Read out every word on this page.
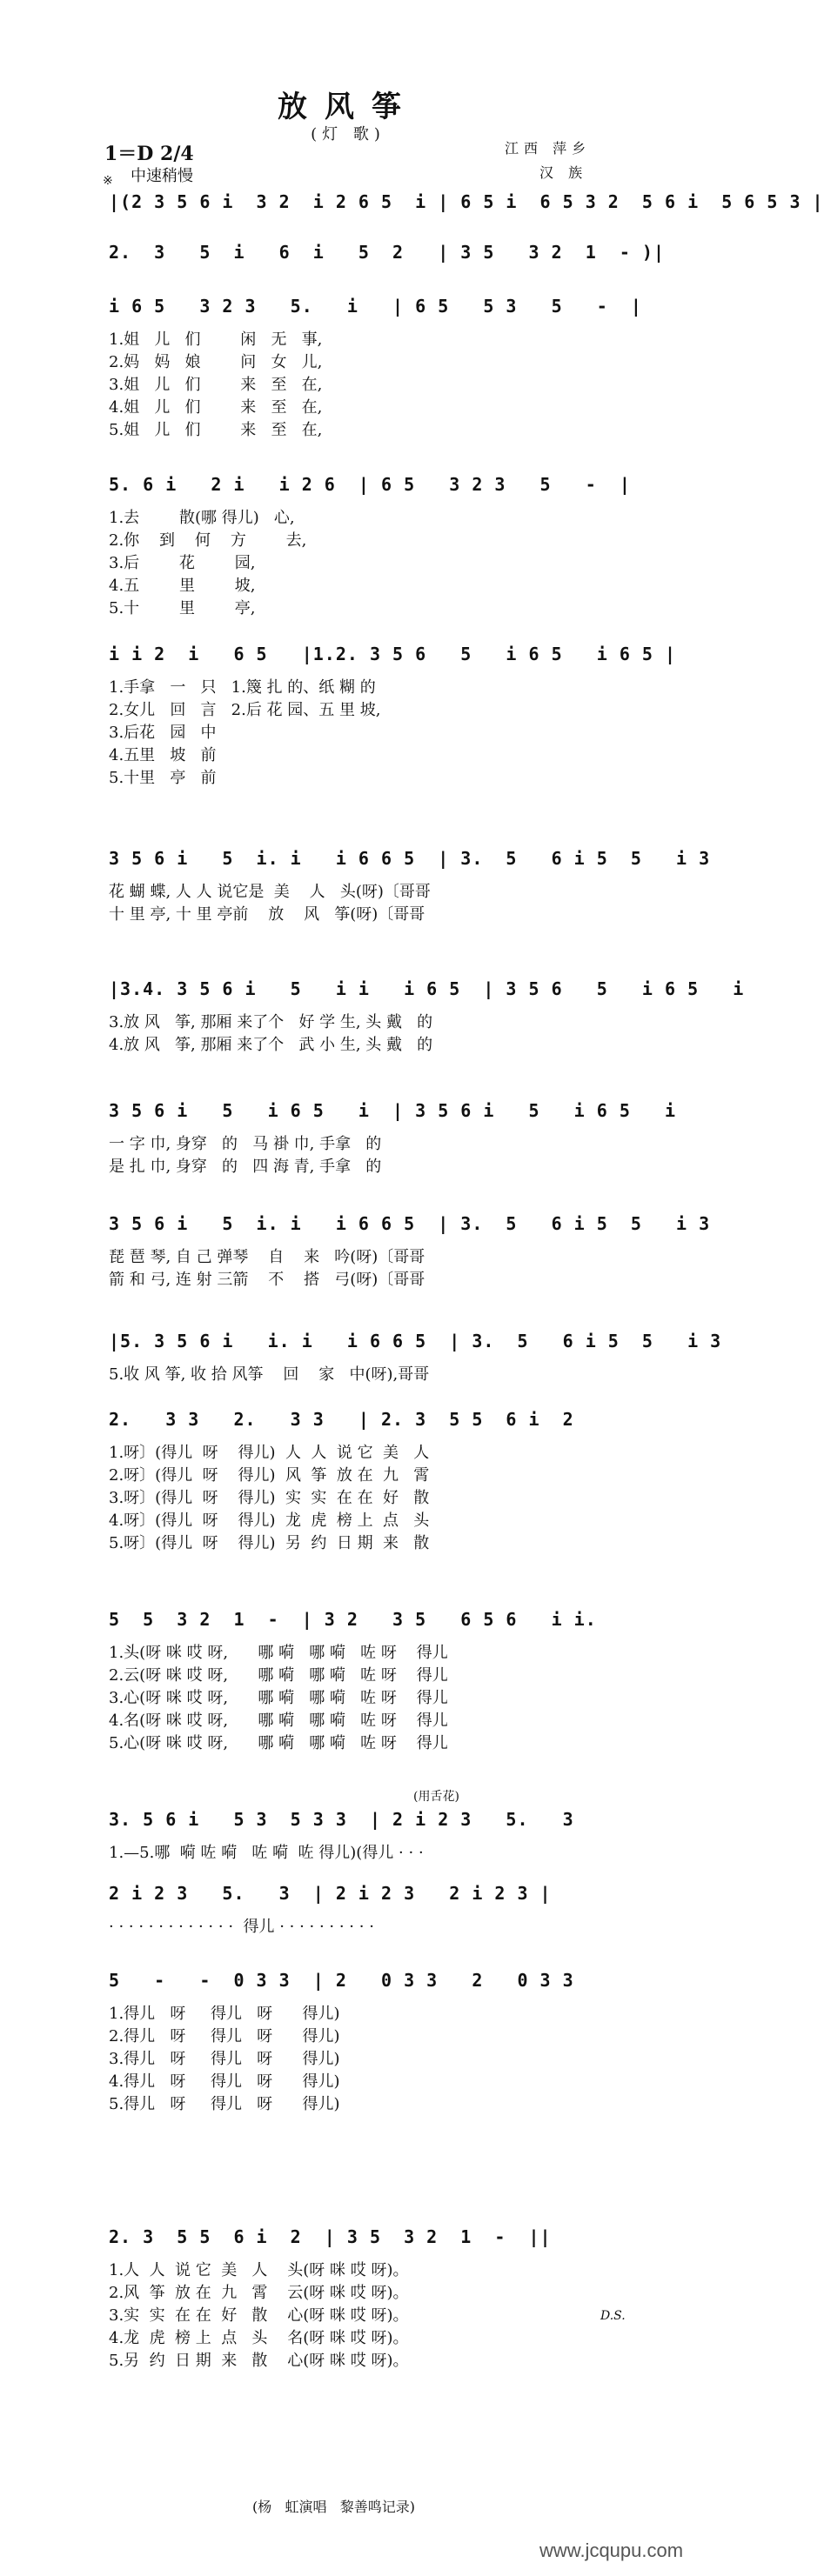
放风筝
(灯 歌)
江西 萍乡
汉 族
1＝D 2/4
中速稍慢
※
|(2 3 5 6 i  3 2  i 2 6 5  i | 6 5 i  6 5 3 2  5 6 i  5 6 5 3 |
2.  3   5  i   6  i   5  2   | 3 5   3 2  1  - )|
i 6 5   3 2 3   5.   i   | 6 5   5 3   5   -  |
1.姐   儿   们        闲   无   事,
2.妈   妈   娘        问   女   儿,
3.姐   儿   们        来   至   在,
4.姐   儿   们        来   至   在,
5.姐   儿   们        来   至   在,
5. 6 i   2 i   i 2 6  | 6 5   3 2 3   5   -  |
1.去        散(哪 得儿)   心,
2.你    到    何    方        去,
3.后        花        园,
4.五        里        坡,
5.十        里        亭,
i i 2  i   6 5   |1.2. 3 5 6   5   i 6 5   i 6 5 |
1.手拿   一   只   1.篾 扎 的、纸 糊 的
2.女儿   回   言   2.后 花 园、五 里 坡,
3.后花   园   中
4.五里   坡   前
5.十里   亭   前
3 5 6 i   5  i. i   i 6 6 5  | 3.  5   6 i 5  5   i 3
花 蝴 蝶, 人 人 说它是  美    人   头(呀)〔哥哥
十 里 亭, 十 里 亭前    放    风   筝(呀)〔哥哥
|3.4. 3 5 6 i   5   i i   i 6 5  | 3 5 6   5   i 6 5   i
3.放 风   筝, 那厢 来了个   好 学 生, 头 戴   的
4.放 风   筝, 那厢 来了个   武 小 生, 头 戴   的
3 5 6 i   5   i 6 5   i  | 3 5 6 i   5   i 6 5   i
一 字 巾, 身穿   的   马 褂 巾, 手拿   的
是 扎 巾, 身穿   的   四 海 青, 手拿   的
3 5 6 i   5  i. i   i 6 6 5  | 3.  5   6 i 5  5   i 3
琵 琶 琴, 自 己 弹琴    自    来   吟(呀)〔哥哥
箭 和 弓, 连 射 三箭    不    搭   弓(呀)〔哥哥
|5. 3 5 6 i   i. i   i 6 6 5  | 3.  5   6 i 5  5   i 3
5.收 风 筝, 收 拾 风筝    回    家   中(呀),哥哥
2.   3 3   2.   3 3   | 2. 3  5 5  6 i  2
1.呀〕(得儿  呀    得儿)  人  人  说 它  美   人
2.呀〕(得儿  呀    得儿)  风  筝  放 在  九   霄
3.呀〕(得儿  呀    得儿)  实  实  在 在  好   散
4.呀〕(得儿  呀    得儿)  龙  虎  榜 上  点   头
5.呀〕(得儿  呀    得儿)  另  约  日 期  来   散
5  5  3 2  1  -  | 3 2   3 5   6 5 6   i i.
1.头(呀 咪 哎 呀,      哪 嗬   哪 嗬   咗 呀    得儿
2.云(呀 咪 哎 呀,      哪 嗬   哪 嗬   咗 呀    得儿
3.心(呀 咪 哎 呀,      哪 嗬   哪 嗬   咗 呀    得儿
4.名(呀 咪 哎 呀,      哪 嗬   哪 嗬   咗 呀    得儿
5.心(呀 咪 哎 呀,      哪 嗬   哪 嗬   咗 呀    得儿
3. 5 6 i   5 3  5 3 3  | 2 i 2 3   5.   3
1.—5.哪  嗬 咗 嗬   咗 嗬  咗 得儿)(得儿 · · ·
2 i 2 3   5.   3  | 2 i 2 3   2 i 2 3 |
· · · · · · · · · · · · ·  得儿 · · · · · · · · · ·
5   -   -  0 3 3  | 2   0 3 3   2   0 3 3
1.得儿   呀     得儿   呀      得儿)
2.得儿   呀     得儿   呀      得儿)
3.得儿   呀     得儿   呀      得儿)
4.得儿   呀     得儿   呀      得儿)
5.得儿   呀     得儿   呀      得儿)
2. 3  5 5  6 i  2  | 3 5  3 2  1  -  ||
1.人  人  说 它  美   人    头(呀 咪 哎 呀)。
2.风  筝  放 在  九   霄    云(呀 咪 哎 呀)。
3.实  实  在 在  好   散    心(呀 咪 哎 呀)。
4.龙  虎  榜 上  点   头    名(呀 咪 哎 呀)。
5.另  约  日 期  来   散    心(呀 咪 哎 呀)。
(用舌花)
D.S.
(杨   虹演唱   黎善鸣记录)
www.jcqupu.com
